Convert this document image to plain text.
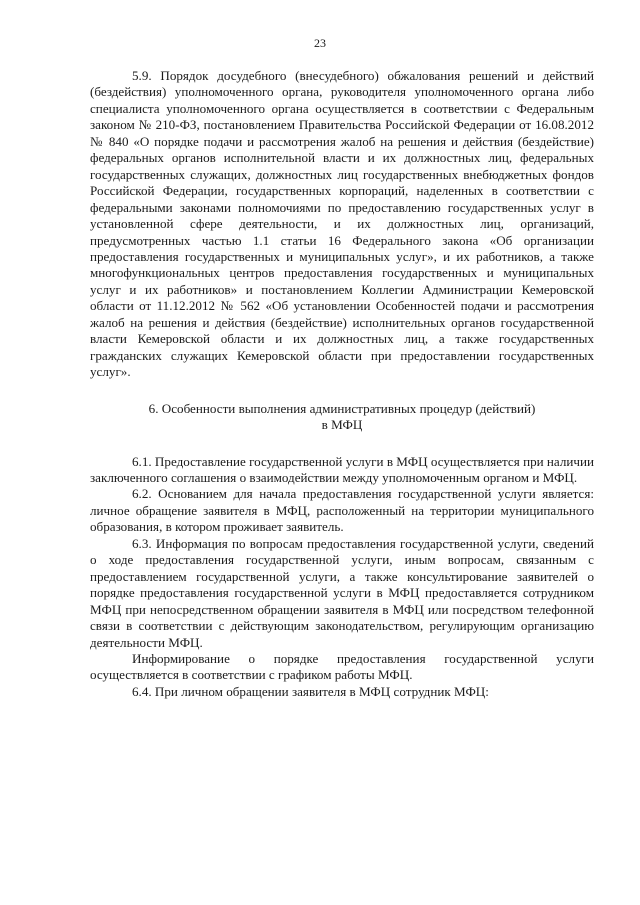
23

5.9. Порядок досудебного (внесудебного) обжалования решений и действий (бездействия) уполномоченного органа, руководителя уполномоченного органа либо специалиста уполномоченного органа осуществляется в соответствии с Федеральным законом № 210-ФЗ, постановлением Правительства Российской Федерации от 16.08.2012 № 840 «О порядке подачи и рассмотрения жалоб на решения и действия (бездействие) федеральных органов исполнительной власти и их должностных лиц, федеральных государственных служащих, должностных лиц государственных внебюджетных фондов Российской Федерации, государственных корпораций, наделенных в соответствии с федеральными законами полномочиями по предоставлению государственных услуг в установленной сфере деятельности, и их должностных лиц, организаций, предусмотренных частью 1.1 статьи 16 Федерального закона «Об организации предоставления государственных и муниципальных услуг», и их работников, а также многофункциональных центров предоставления государственных и муниципальных услуг и их работников» и постановлением Коллегии Администрации Кемеровской области от 11.12.2012 № 562 «Об установлении Особенностей подачи и рассмотрения жалоб на решения и действия (бездействие) исполнительных органов государственной власти Кемеровской области и их должностных лиц, а также государственных гражданских служащих Кемеровской области при предоставлении государственных услуг».

6. Особенности выполнения административных процедур (действий)

в МФЦ

6.1. Предоставление государственной услуги в МФЦ осуществляется при наличии заключенного соглашения о взаимодействии между уполномоченным органом и МФЦ.

6.2. Основанием для начала предоставления государственной услуги является: личное обращение заявителя в МФЦ, расположенный на территории муниципального образования, в котором проживает заявитель.

6.3. Информация по вопросам предоставления государственной услуги, сведений о ходе предоставления государственной услуги, иным вопросам, связанным с предоставлением государственной услуги, а также консультирование заявителей о порядке предоставления государственной услуги в МФЦ предоставляется сотрудником МФЦ при непосредственном обращении заявителя в МФЦ или посредством телефонной связи в соответствии с действующим законодательством, регулирующим организацию деятельности МФЦ.

Информирование о порядке предоставления государственной услуги осуществляется в соответствии с графиком работы МФЦ.

6.4. При личном обращении заявителя в МФЦ сотрудник МФЦ:
